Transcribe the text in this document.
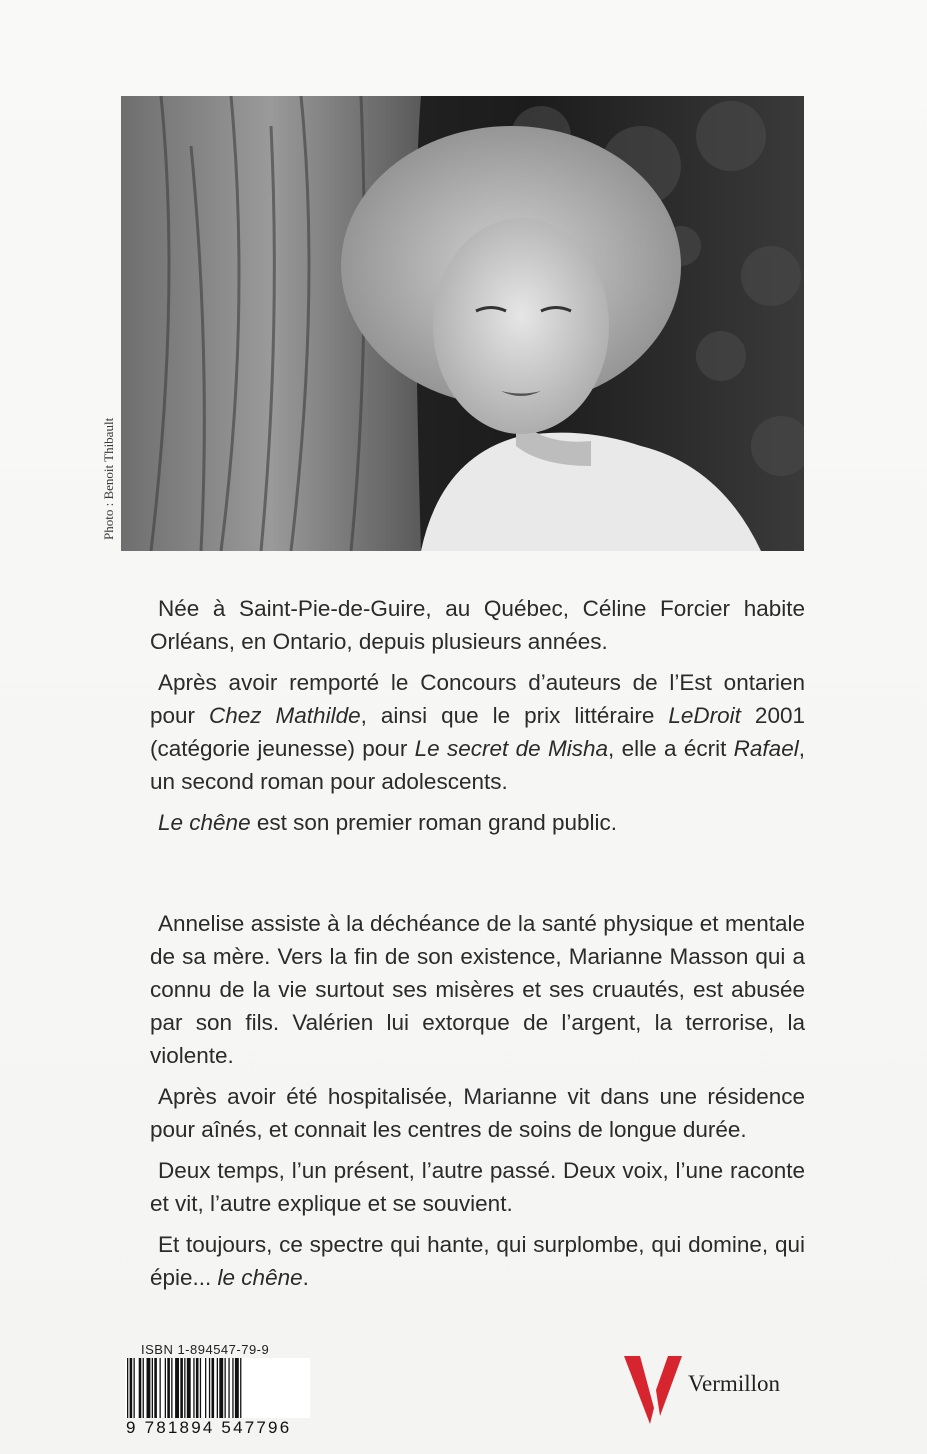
Photo : Benoit Thibault

Née à Saint-Pie-de-Guire, au Québec, Céline Forcier habite Orléans, en Ontario, depuis plusieurs années.

Après avoir remporté le Concours d’auteurs de l’Est ontarien pour Chez Mathilde, ainsi que le prix littéraire LeDroit 2001 (catégorie jeunesse) pour Le secret de Misha, elle a écrit Rafael, un second roman pour adolescents.

Le chêne est son premier roman grand public.

Annelise assiste à la déchéance de la santé physique et mentale de sa mère. Vers la fin de son existence, Marianne Masson qui a connu de la vie surtout ses misères et ses cruautés, est abusée par son fils. Valérien lui extorque de l’argent, la terrorise, la violente.

Après avoir été hospitalisée, Marianne vit dans une résidence pour aînés, et connait les centres de soins de longue durée.

Deux temps, l’un présent, l’autre passé. Deux voix, l’une raconte et vit, l’autre explique et se souvient.

Et toujours, ce spectre qui hante, qui surplombe, qui domine, qui épie... le chêne.

ISBN 1-894547-79-9
9 781894 547796
Vermillon
